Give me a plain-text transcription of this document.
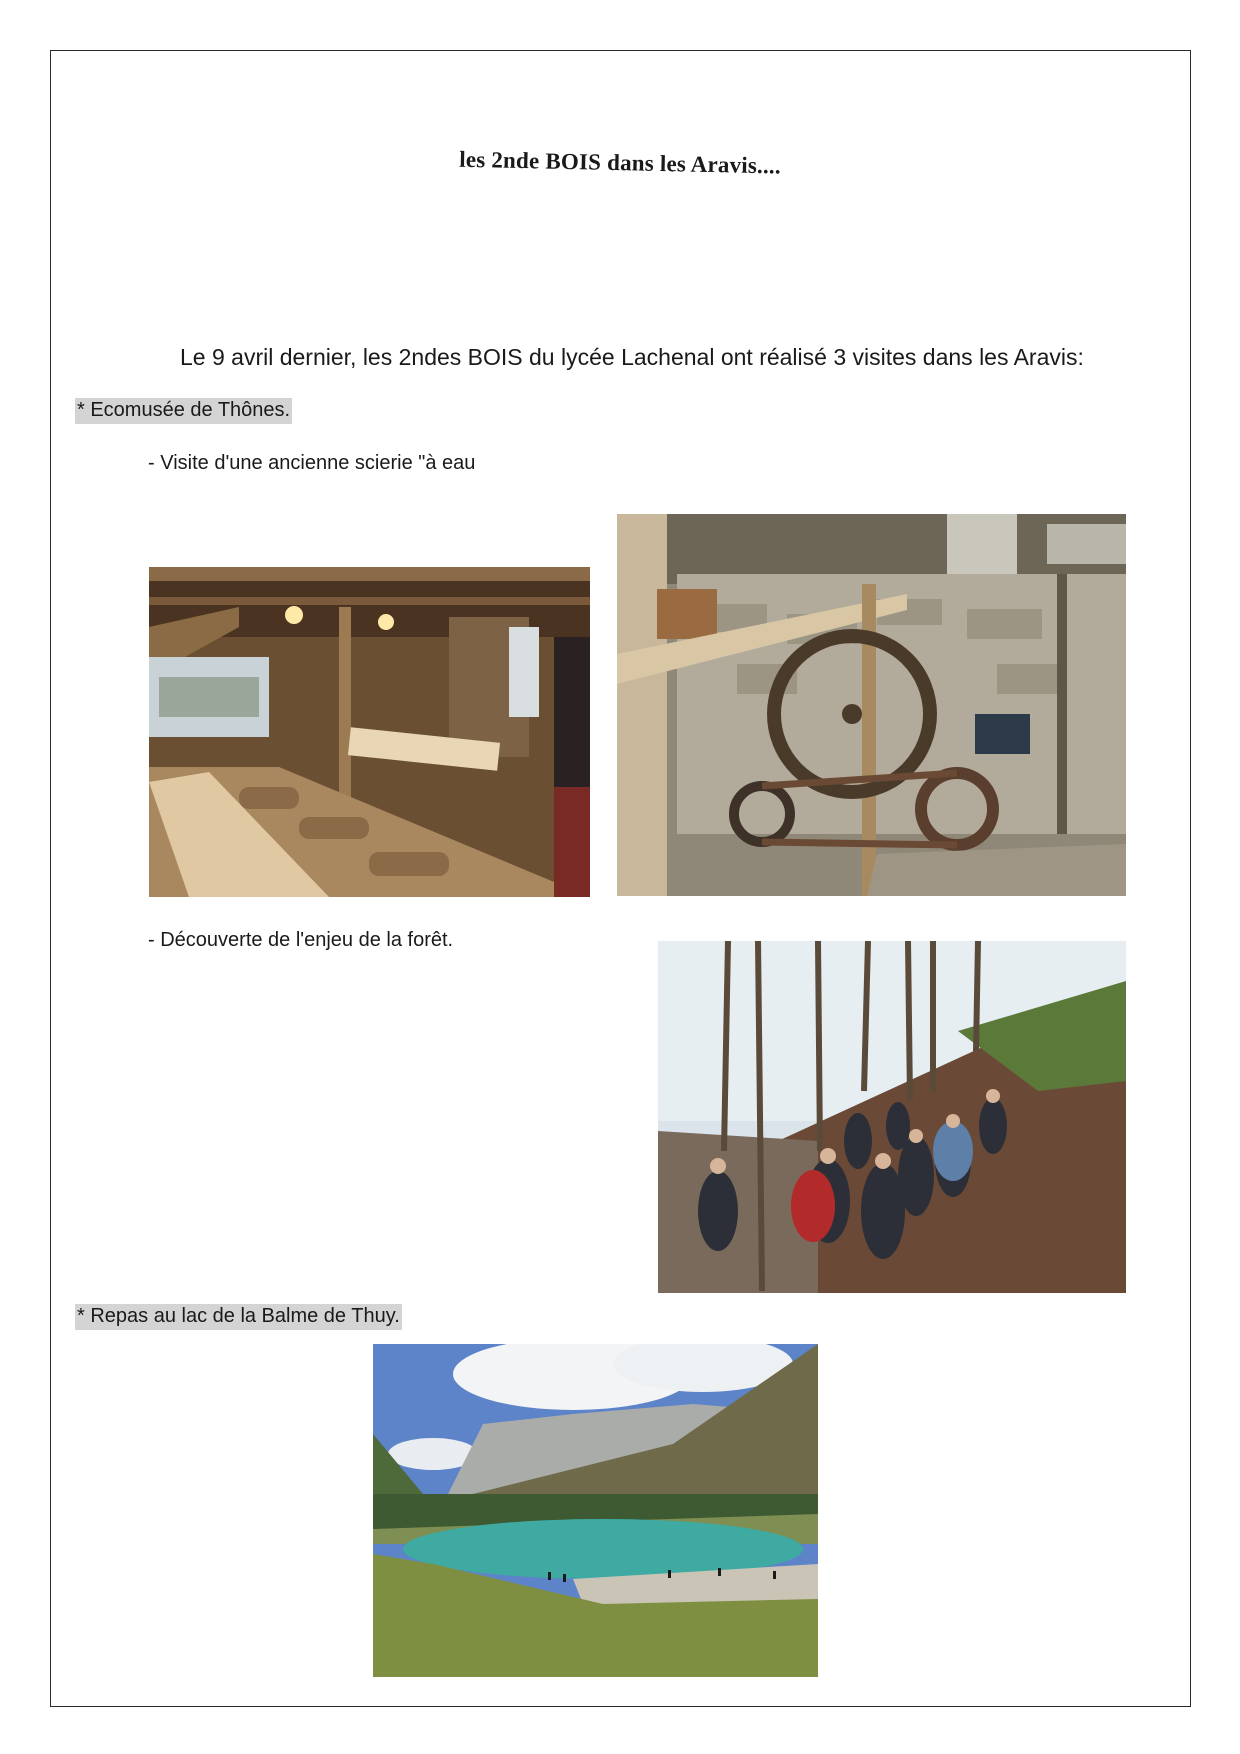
les 2nde BOIS dans les Aravis....
Le 9 avril dernier, les 2ndes BOIS du lycée Lachenal ont réalisé 3 visites dans les Aravis:
* Ecomusée de Thônes.
- Visite d'une ancienne scierie "à eau
- Découverte de l'enjeu de la forêt.
* Repas au lac de la Balme de Thuy.
